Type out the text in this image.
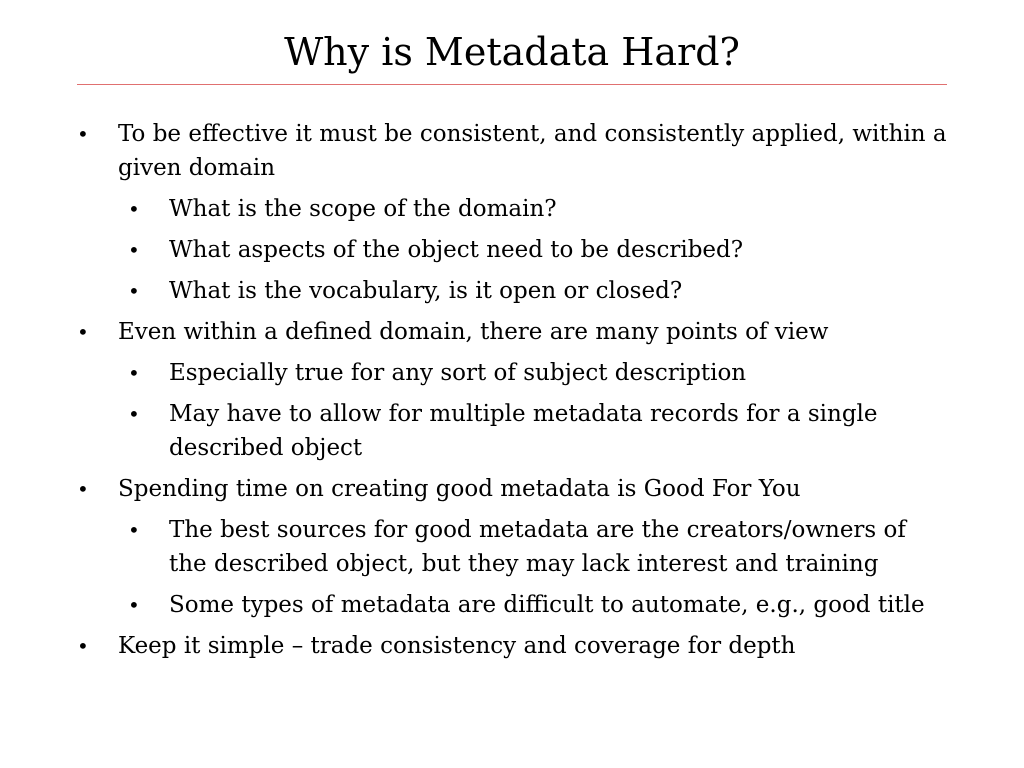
Why is Metadata Hard?
•	To be effective it must be consistent, and consistently applied, within a given domain
•	What is the scope of the domain?
•	What aspects of the object need to be described?
•	What is the vocabulary, is it open or closed?
•	Even within a defined domain, there are many points of view
•	Especially true for any sort of subject description
•	May have to allow for multiple metadata records for a single described object
•	Spending time on creating good metadata is Good For You
•	The best sources for good metadata are the creators/owners of the described object, but they may lack interest and training
•	Some types of metadata are difficult to automate, e.g., good title
•	Keep it simple – trade consistency and coverage for depth
